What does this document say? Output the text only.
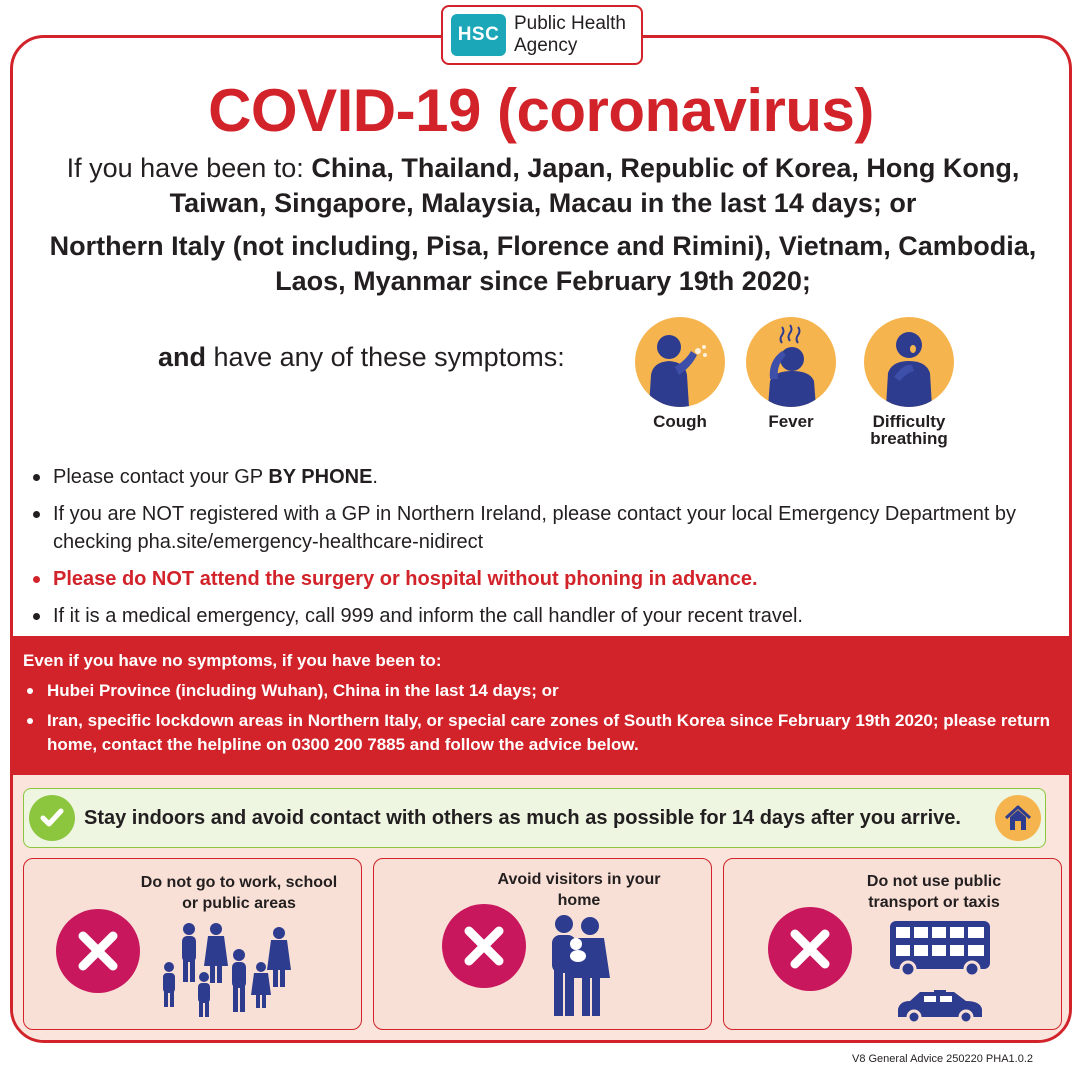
HSC
Public Health
Agency
COVID-19 (coronavirus)

If you have been to: China, Thailand, Japan, Republic of Korea, Hong Kong, Taiwan, Singapore, Malaysia, Macau in the last 14 days; or

Northern Italy (not including, Pisa, Florence and Rimini), Vietnam, Cambodia, Laos, Myanmar since February 19th 2020;

and have any of these symptoms:

Cough	Fever	Difficulty breathing
Please contact your GP BY PHONE.
If you are NOT registered with a GP in Northern Ireland, please contact your local Emergency Department by checking pha.site/emergency-healthcare-nidirect
Please do NOT attend the surgery or hospital without phoning in advance.
If it is a medical emergency, call 999 and inform the call handler of your recent travel.
Even if you have no symptoms, if you have been to:
Hubei Province (including Wuhan), China in the last 14 days; or
Iran, specific lockdown areas in Northern Italy, or special care zones of South Korea since February 19th 2020; please return home, contact the helpline on 0300 200 7885 and follow the advice below.
Stay indoors and avoid contact with others as much as possible for 14 days after you arrive.
Do not go to work, school or public areas
Avoid visitors in your home
Do not use public transport or taxis
V8 General Advice 250220 PHA1.0.2
